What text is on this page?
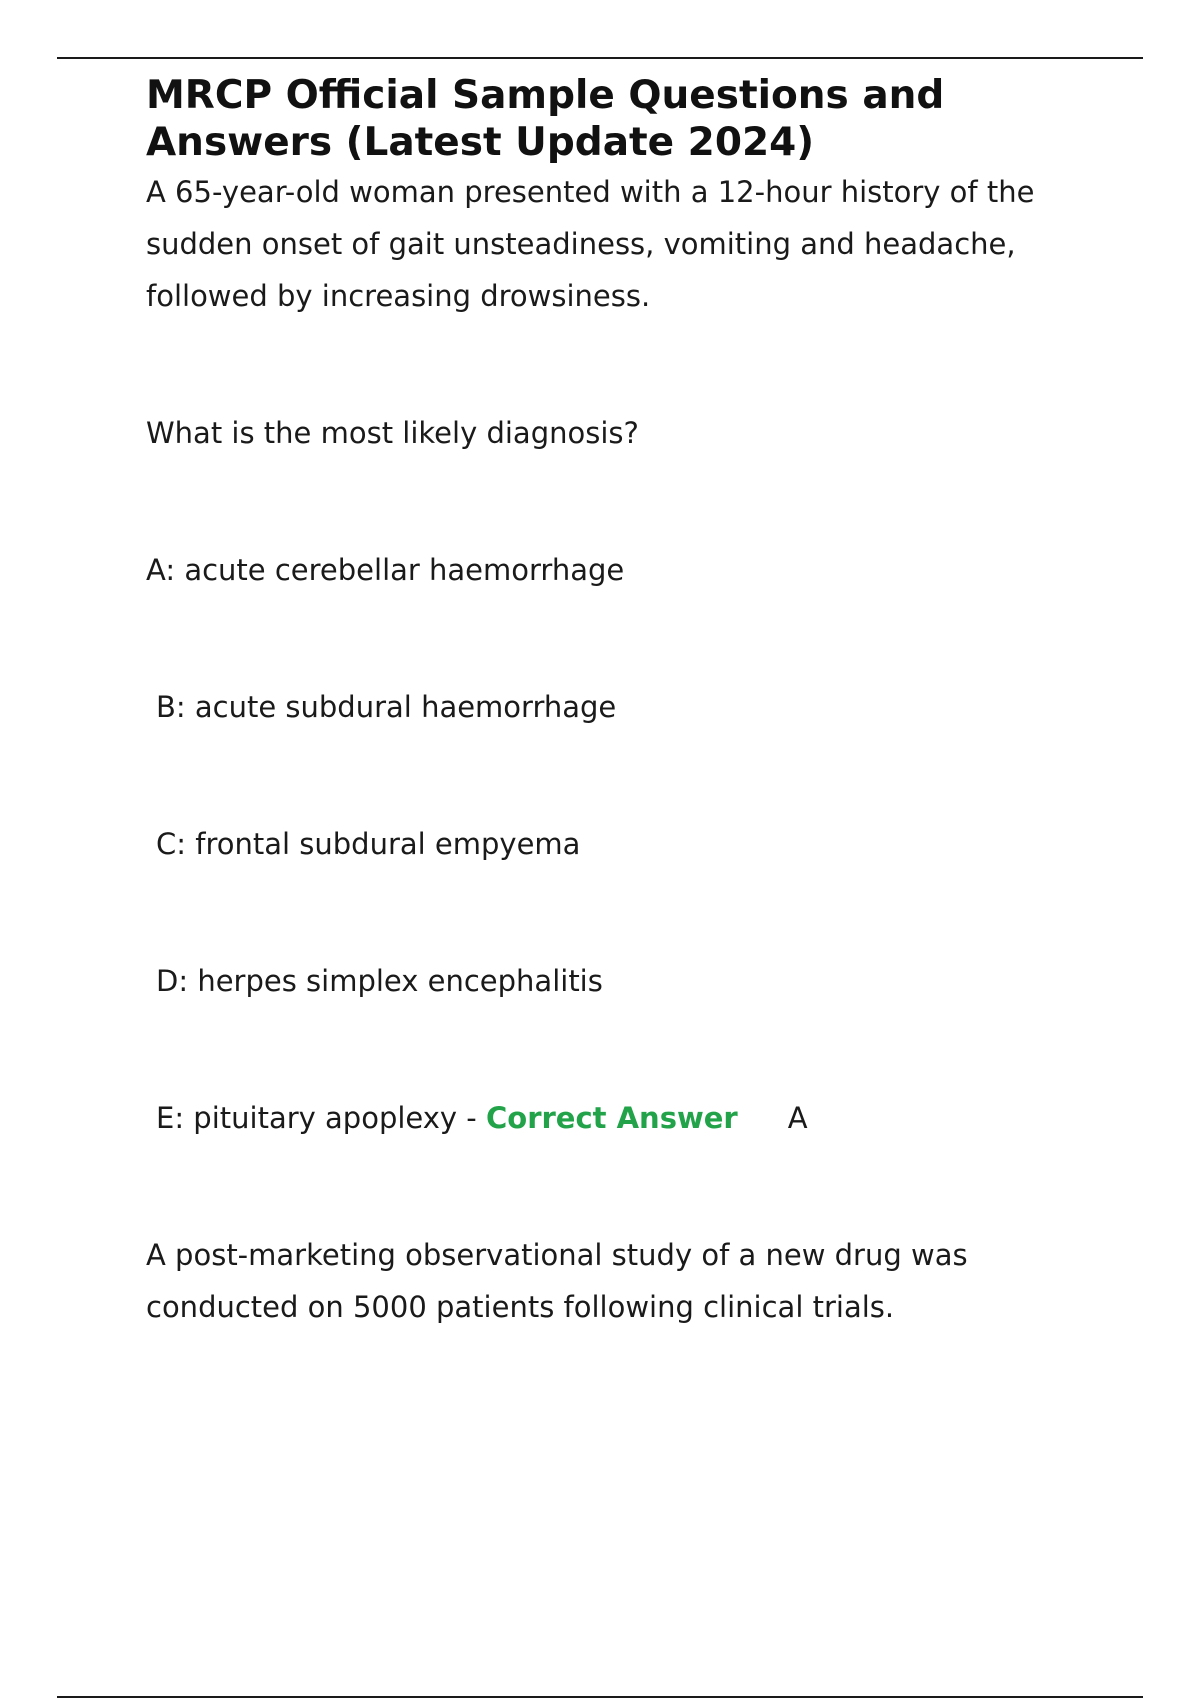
MRCP Official Sample Questions and Answers (Latest Update 2024)

A 65-year-old woman presented with a 12-hour history of the sudden onset of gait unsteadiness, vomiting and headache, followed by increasing drowsiness.

What is the most likely diagnosis?

A: acute cerebellar haemorrhage

B: acute subdural haemorrhage

C: frontal subdural empyema

D: herpes simplex encephalitis

E: pituitary apoplexy - Correct Answer A

A post-marketing observational study of a new drug was conducted on 5000 patients following clinical trials.
